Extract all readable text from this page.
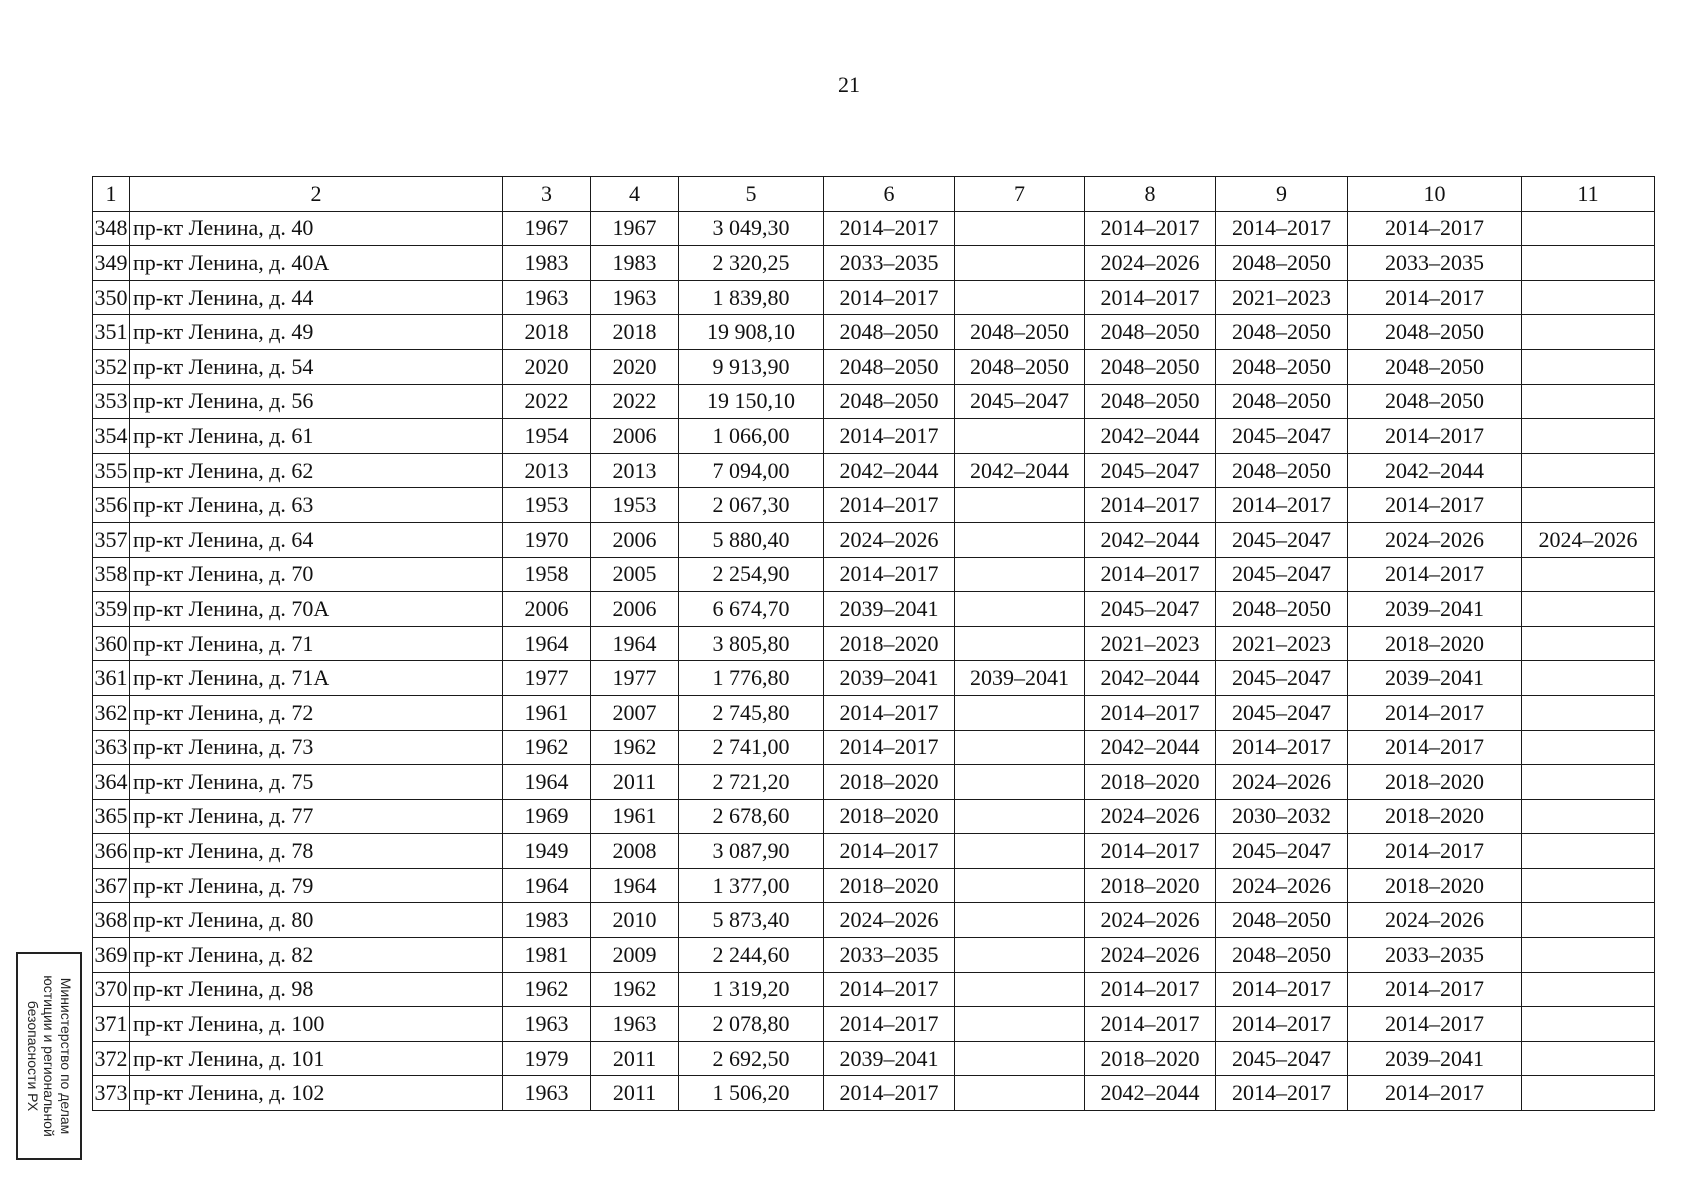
21
1	2	3	4	5	6	7	8	9	10	11
348	пр-кт Ленина, д. 40	1967	1967	3 049,30	2014–2017		2014–2017	2014–2017	2014–2017	
349	пр-кт Ленина, д. 40А	1983	1983	2 320,25	2033–2035		2024–2026	2048–2050	2033–2035	
350	пр-кт Ленина, д. 44	1963	1963	1 839,80	2014–2017		2014–2017	2021–2023	2014–2017	
351	пр-кт Ленина, д. 49	2018	2018	19 908,10	2048–2050	2048–2050	2048–2050	2048–2050	2048–2050	
352	пр-кт Ленина, д. 54	2020	2020	9 913,90	2048–2050	2048–2050	2048–2050	2048–2050	2048–2050	
353	пр-кт Ленина, д. 56	2022	2022	19 150,10	2048–2050	2045–2047	2048–2050	2048–2050	2048–2050	
354	пр-кт Ленина, д. 61	1954	2006	1 066,00	2014–2017		2042–2044	2045–2047	2014–2017	
355	пр-кт Ленина, д. 62	2013	2013	7 094,00	2042–2044	2042–2044	2045–2047	2048–2050	2042–2044	
356	пр-кт Ленина, д. 63	1953	1953	2 067,30	2014–2017		2014–2017	2014–2017	2014–2017	
357	пр-кт Ленина, д. 64	1970	2006	5 880,40	2024–2026		2042–2044	2045–2047	2024–2026	2024–2026
358	пр-кт Ленина, д. 70	1958	2005	2 254,90	2014–2017		2014–2017	2045–2047	2014–2017	
359	пр-кт Ленина, д. 70А	2006	2006	6 674,70	2039–2041		2045–2047	2048–2050	2039–2041	
360	пр-кт Ленина, д. 71	1964	1964	3 805,80	2018–2020		2021–2023	2021–2023	2018–2020	
361	пр-кт Ленина, д. 71А	1977	1977	1 776,80	2039–2041	2039–2041	2042–2044	2045–2047	2039–2041	
362	пр-кт Ленина, д. 72	1961	2007	2 745,80	2014–2017		2014–2017	2045–2047	2014–2017	
363	пр-кт Ленина, д. 73	1962	1962	2 741,00	2014–2017		2042–2044	2014–2017	2014–2017	
364	пр-кт Ленина, д. 75	1964	2011	2 721,20	2018–2020		2018–2020	2024–2026	2018–2020	
365	пр-кт Ленина, д. 77	1969	1961	2 678,60	2018–2020		2024–2026	2030–2032	2018–2020	
366	пр-кт Ленина, д. 78	1949	2008	3 087,90	2014–2017		2014–2017	2045–2047	2014–2017	
367	пр-кт Ленина, д. 79	1964	1964	1 377,00	2018–2020		2018–2020	2024–2026	2018–2020	
368	пр-кт Ленина, д. 80	1983	2010	5 873,40	2024–2026		2024–2026	2048–2050	2024–2026	
369	пр-кт Ленина, д. 82	1981	2009	2 244,60	2033–2035		2024–2026	2048–2050	2033–2035	
370	пр-кт Ленина, д. 98	1962	1962	1 319,20	2014–2017		2014–2017	2014–2017	2014–2017	
371	пр-кт Ленина, д. 100	1963	1963	2 078,80	2014–2017		2014–2017	2014–2017	2014–2017	
372	пр-кт Ленина, д. 101	1979	2011	2 692,50	2039–2041		2018–2020	2045–2047	2039–2041	
373	пр-кт Ленина, д. 102	1963	2011	1 506,20	2014–2017		2042–2044	2014–2017	2014–2017	
Министерство по делам
юстиции и региональной
безопасности РХ
